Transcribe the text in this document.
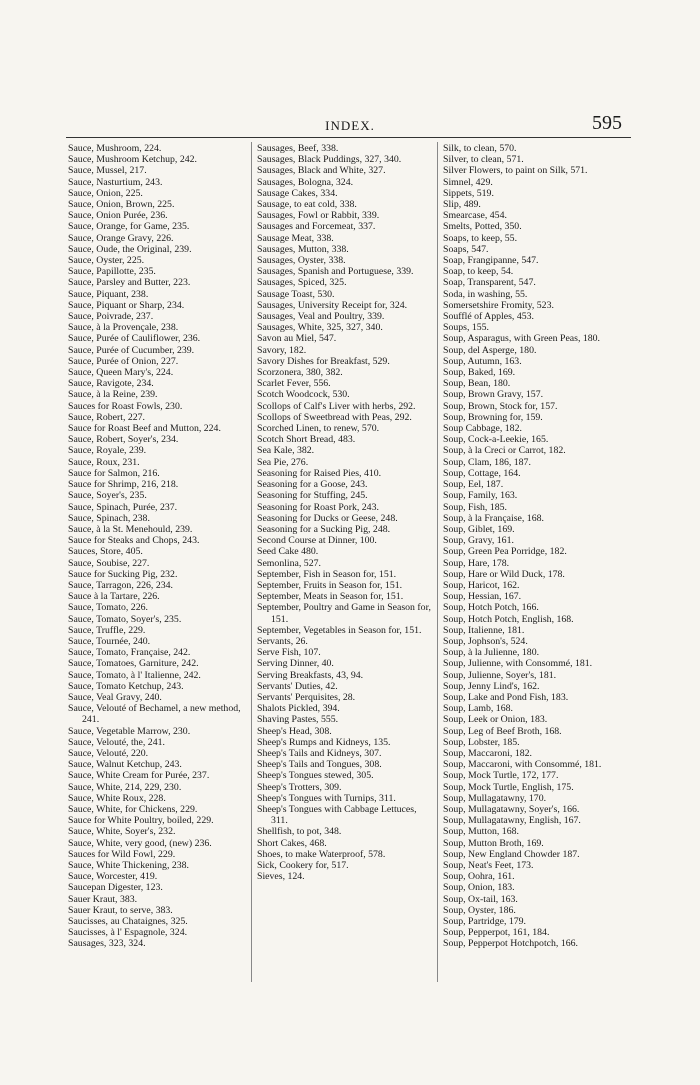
INDEX.	595
Sauce, Mushroom, 224.
Sauce, Mushroom Ketchup, 242.
Sauce, Mussel, 217.
Sauce, Nasturtium, 243.
Sauce, Onion, 225.
Sauce, Onion, Brown, 225.
Sauce, Onion Purée, 236.
Sauce, Orange, for Game, 235.
Sauce, Orange Gravy, 226.
Sauce, Oude, the Original, 239.
Sauce, Oyster, 225.
Sauce, Papillotte, 235.
Sauce, Parsley and Butter, 223.
Sauce, Piquant, 238.
Sauce, Piquant or Sharp, 234.
Sauce, Poivrade, 237.
Sauce, à la Provençale, 238.
Sauce, Purée of Cauliflower, 236.
Sauce, Purée of Cucumber, 239.
Sauce, Purée of Onion, 227.
Sauce, Queen Mary's, 224.
Sauce, Ravigote, 234.
Sauce, à la Reine, 239.
Sauces for Roast Fowls, 230.
Sauce, Robert, 227.
Sauce for Roast Beef and Mutton, 224.
Sauce, Robert, Soyer's, 234.
Sauce, Royale, 239.
Sauce, Roux, 231.
Sauce for Salmon, 216.
Sauce for Shrimp, 216, 218.
Sauce, Soyer's, 235.
Sauce, Spinach, Purée, 237.
Sauce, Spinach, 238.
Sauce, à la St. Menehould, 239.
Sauce for Steaks and Chops, 243.
Sauces, Store, 405.
Sauce, Soubise, 227.
Sauce for Sucking Pig, 232.
Sauce, Tarragon, 226, 234.
Sauce à la Tartare, 226.
Sauce, Tomato, 226.
Sauce, Tomato, Soyer's, 235.
Sauce, Truffle, 229.
Sauce, Tournée, 240.
Sauce, Tomato, Française, 242.
Sauce, Tomatoes, Garniture, 242.
Sauce, Tomato, à l' Italienne, 242.
Sauce, Tomato Ketchup, 243.
Sauce, Veal Gravy, 240.
Sauce, Velouté of Bechamel, a new method, 241.
Sauce, Vegetable Marrow, 230.
Sauce, Velouté, the, 241.
Sauce, Velouté, 220.
Sauce, Walnut Ketchup, 243.
Sauce, White Cream for Purée, 237.
Sauce, White, 214, 229, 230.
Sauce, White Roux, 228.
Sauce, White, for Chickens, 229.
Sauce for White Poultry, boiled, 229.
Sauce, White, Soyer's, 232.
Sauce, White, very good, (new) 236.
Sauces for Wild Fowl, 229.
Sauce, White Thickening, 238.
Sauce, Worcester, 419.
Saucepan Digester, 123.
Sauer Kraut, 383.
Sauer Kraut, to serve, 383.
Saucisses, au Chataignes, 325.
Saucisses, à l' Espagnole, 324.
Sausages, 323, 324.
Sausages, Beef, 338.
Sausages, Black Puddings, 327, 340.
Sausages, Black and White, 327.
Sausages, Bologna, 324.
Sausage Cakes, 334.
Sausage, to eat cold, 338.
Sausages, Fowl or Rabbit, 339.
Sausages and Forcemeat, 337.
Sausage Meat, 338.
Sausages, Mutton, 338.
Sausages, Oyster, 338.
Sausages, Spanish and Portuguese, 339.
Sausages, Spiced, 325.
Sausage Toast, 530.
Sausages, University Receipt for, 324.
Sausages, Veal and Poultry, 339.
Sausages, White, 325, 327, 340.
Savon au Miel, 547.
Savory, 182.
Savory Dishes for Breakfast, 529.
Scorzonera, 380, 382.
Scarlet Fever, 556.
Scotch Woodcock, 530.
Scollops of Calf's Liver with herbs, 292.
Scollops of Sweetbread with Peas, 292.
Scorched Linen, to renew, 570.
Scotch Short Bread, 483.
Sea Kale, 382.
Sea Pie, 276.
Seasoning for Raised Pies, 410.
Seasoning for a Goose, 243.
Seasoning for Stuffing, 245.
Seasoning for Roast Pork, 243.
Seasoning for Ducks or Geese, 248.
Seasoning for a Sucking Pig, 248.
Second Course at Dinner, 100.
Seed Cake 480.
Semonlina, 527.
September, Fish in Season for, 151.
September, Fruits in Season for, 151.
September, Meats in Season for, 151.
September, Poultry and Game in Season for, 151.
September, Vegetables in Season for, 151.
Servants, 26.
Serve Fish, 107.
Serving Dinner, 40.
Serving Breakfasts, 43, 94.
Servants' Duties, 42.
Servants' Perquisites, 28.
Shalots Pickled, 394.
Shaving Pastes, 555.
Sheep's Head, 308.
Sheep's Rumps and Kidneys, 135.
Sheep's Tails and Kidneys, 307.
Sheep's Tails and Tongues, 308.
Sheep's Tongues stewed, 305.
Sheep's Trotters, 309.
Sheep's Tongues with Turnips, 311.
Sheep's Tongues with Cabbage Lettuces, 311.
Shellfish, to pot, 348.
Short Cakes, 468.
Shoes, to make Waterproof, 578.
Sick, Cookery for, 517.
Sieves, 124.
Silk, to clean, 570.
Silver, to clean, 571.
Silver Flowers, to paint on Silk, 571.
Simnel, 429.
Sippets, 519.
Slip, 489.
Smearcase, 454.
Smelts, Potted, 350.
Soaps, to keep, 55.
Soaps, 547.
Soap, Frangipanne, 547.
Soap, to keep, 54.
Soap, Transparent, 547.
Soda, in washing, 55.
Somersetshire Fromity, 523.
Soufflé of Apples, 453.
Soups, 155.
Soup, Asparagus, with Green Peas, 180.
Soup, del Asperge, 180.
Soup, Autumn, 163.
Soup, Baked, 169.
Soup, Bean, 180.
Soup, Brown Gravy, 157.
Soup, Brown, Stock for, 157.
Soup, Browning for, 159.
Soup Cabbage, 182.
Soup, Cock-a-Leekie, 165.
Soup, à la Creci or Carrot, 182.
Soup, Clam, 186, 187.
Soup, Cottage, 164.
Soup, Eel, 187.
Soup, Family, 163.
Soup, Fish, 185.
Soup, à la Française, 168.
Soup, Giblet, 169.
Soup, Gravy, 161.
Soup, Green Pea Porridge, 182.
Soup, Hare, 178.
Soup, Hare or Wild Duck, 178.
Soup, Haricot, 162.
Soup, Hessian, 167.
Soup, Hotch Potch, 166.
Soup, Hotch Potch, English, 168.
Soup, Italienne, 181.
Soup, Jophson's, 524.
Soup, à la Julienne, 180.
Soup, Julienne, with Consommé, 181.
Soup, Julienne, Soyer's, 181.
Soup, Jenny Lind's, 162.
Soup, Lake and Pond Fish, 183.
Soup, Lamb, 168.
Soup, Leek or Onion, 183.
Soup, Leg of Beef Broth, 168.
Soup, Lobster, 185.
Soup, Maccaroni, 182.
Soup, Maccaroni, with Consommé, 181.
Soup, Mock Turtle, 172, 177.
Soup, Mock Turtle, English, 175.
Soup, Mullagatawny, 170.
Soup, Mullagatawny, Soyer's, 166.
Soup, Mullagatawny, English, 167.
Soup, Mutton, 168.
Soup, Mutton Broth, 169.
Soup, New England Chowder 187.
Soup, Neat's Feet, 173.
Soup, Oohra, 161.
Soup, Onion, 183.
Soup, Ox-tail, 163.
Soup, Oyster, 186.
Soup, Partridge, 179.
Soup, Pepperpot, 161, 184.
Soup, Pepperpot Hotchpotch, 166.
